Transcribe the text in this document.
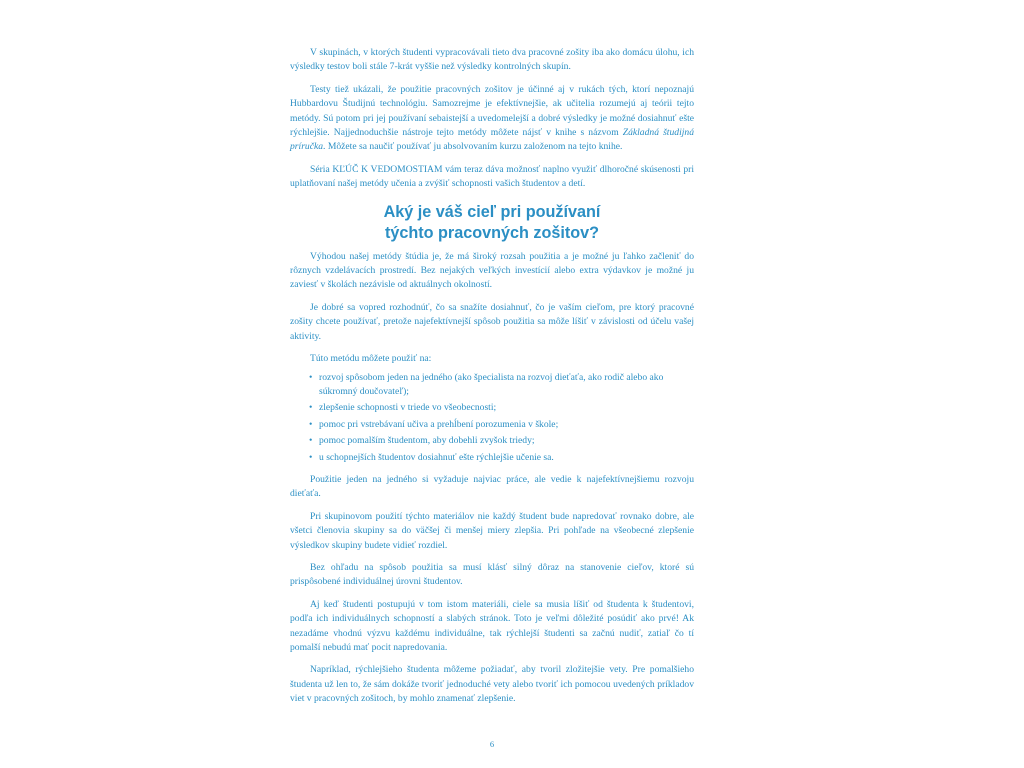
V skupinách, v ktorých študenti vypracovávali tieto dva pracovné zošity iba ako domácu úlohu, ich výsledky testov boli stále 7-krát vyššie než výsledky kontrolných skupín.

Testy tiež ukázali, že použitie pracovných zošitov je účinné aj v rukách tých, ktorí nepoznajú Hubbardovu Študijnú technológiu. Samozrejme je efektívnejšie, ak učitelia rozumejú aj teórii tejto metódy. Sú potom pri jej používaní sebaistejší a uvedomelejší a dobré výsledky je možné dosiahnuť ešte rýchlejšie. Najjednoduchšie nástroje tejto metódy môžete nájsť v knihe s názvom Základná študijná príručka. Môžete sa naučiť používať ju absolvovaním kurzu založenom na tejto knihe.

Séria KĽÚČ K VEDOMOSTIAM vám teraz dáva možnosť naplno využiť dlhoročné skúsenosti pri uplatňovaní našej metódy učenia a zvýšiť schopnosti vašich študentov a detí.

Aký je váš cieľ pri používaní
týchto pracovných zošitov?

Výhodou našej metódy štúdia je, že má široký rozsah použitia a je možné ju ľahko začleniť do rôznych vzdelávacích prostredí. Bez nejakých veľkých investícií alebo extra výdavkov je možné ju zaviesť v školách nezávisle od aktuálnych okolností.

Je dobré sa vopred rozhodnúť, čo sa snažíte dosiahnuť, čo je vaším cieľom, pre ktorý pracovné zošity chcete používať, pretože najefektívnejší spôsob použitia sa môže líšiť v závislosti od účelu vašej aktivity.

Túto metódu môžete použiť na:

• rozvoj spôsobom jeden na jedného (ako špecialista na rozvoj dieťaťa, ako rodič alebo ako súkromný doučovateľ);
• zlepšenie schopnosti v triede vo všeobecnosti;
• pomoc pri vstrebávaní učiva a prehĺbení porozumenia v škole;
• pomoc pomalším študentom, aby dobehli zvyšok triedy;
• u schopnejších študentov dosiahnuť ešte rýchlejšie učenie sa.

Použitie jeden na jedného si vyžaduje najviac práce, ale vedie k najefektívnejšiemu rozvoju dieťaťa.

Pri skupinovom použití týchto materiálov nie každý študent bude napredovať rovnako dobre, ale všetci členovia skupiny sa do väčšej či menšej miery zlepšia. Pri pohľade na všeobecné zlepšenie výsledkov skupiny budete vidieť rozdiel.

Bez ohľadu na spôsob použitia sa musí klásť silný dôraz na stanovenie cieľov, ktoré sú prispôsobené individuálnej úrovni študentov.

Aj keď študenti postupujú v tom istom materiáli, ciele sa musia líšiť od študenta k študentovi, podľa ich individuálnych schopností a slabých stránok. Toto je veľmi dôležité posúdiť ako prvé! Ak nezadáme vhodnú výzvu každému individuálne, tak rýchlejší študenti sa začnú nudiť, zatiaľ čo tí pomalší nebudú mať pocit napredovania.

Napríklad, rýchlejšieho študenta môžeme požiadať, aby tvoril zložitejšie vety. Pre pomalšieho študenta už len to, že sám dokáže tvoriť jednoduché vety alebo tvoriť ich pomocou uvedených príkladov viet v pracovných zošitoch, by mohlo znamenať zlepšenie.

6
